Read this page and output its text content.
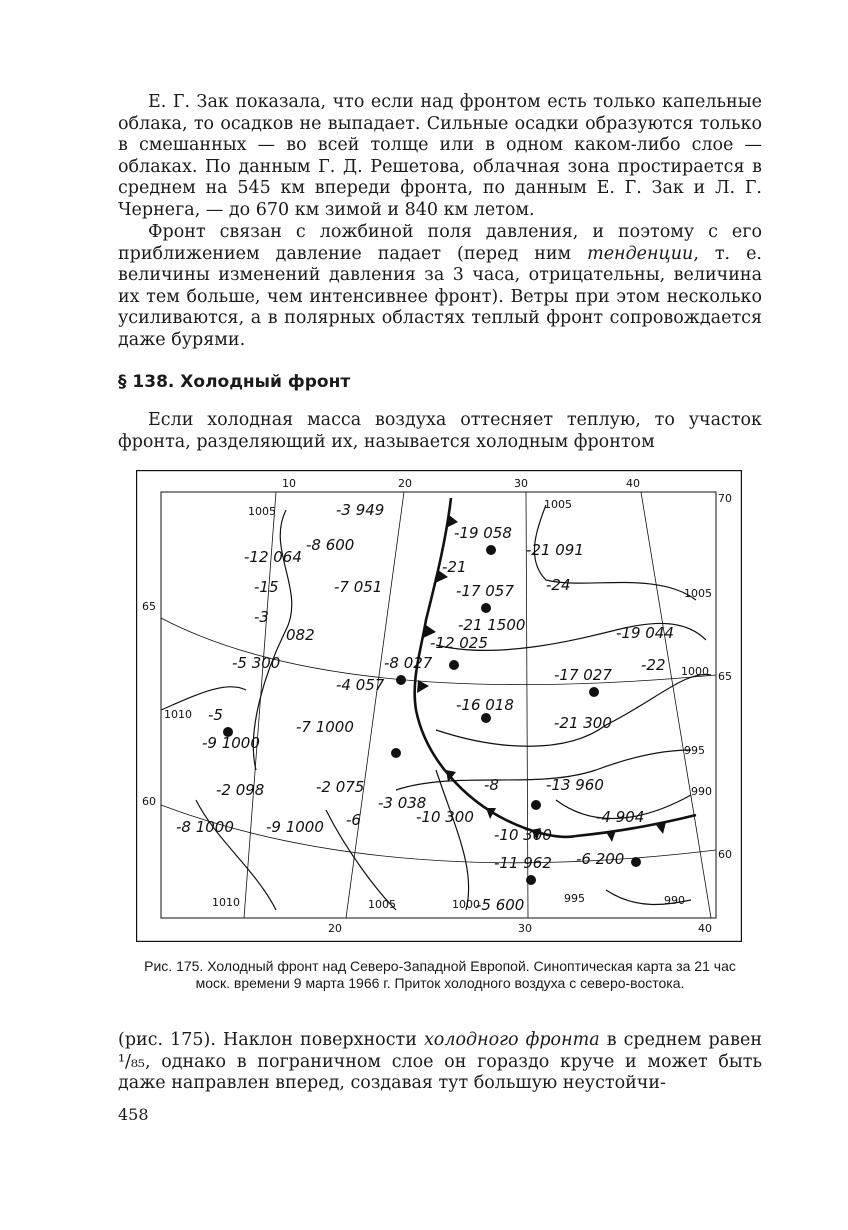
Е. Г. Зак показала, что если над фронтом есть только капельные облака, то осадков не выпадает. Сильные осадки образуются только в смешанных — во всей толще или в одном каком-либо слое — облаках. По данным Г. Д. Решетова, облачная зона простирается в среднем на 545 км впереди фронта, по данным Е. Г. Зак и Л. Г. Чернега, — до 670 км зимой и 840 км летом.

Фронт связан с ложбиной поля давления, и поэтому с его приближением давление падает (перед ним тенденции, т. е. величины изменений давления за 3 часа, отрицательны, величина их тем больше, чем интенсивнее фронт). Ветры при этом несколько усиливаются, а в полярных областях теплый фронт сопровождается даже бурями.

§ 138. Холодный фронт

Если холодная масса воздуха оттесняет теплую, то участок фронта, разделяющий их, называется холодным фронтом

10	20	30	40
20	30	40
65
60
70
65
60
1005
1005
1005
1000
995
990
990
1010
1010	1005	1000	995
-3 949
-12 064
-8 600
-15	-7 051
-3
-5 300
082
-19 058
-21
-17 057
-21 1500
-12 025
-8 027
-21 091
-24
-19 044
-17 027
-22
-4 057
-7 1000
-16 018
-21 300
-9 1000
-5
-2 098
-8 1000 -9 1000
-3 038
-10 300
-8	-13 960
-10 300
-11 962 -6 200
-4 904
-5 600
-2 075
-6

Рис. 175. Холодный фронт над Северо-Западной Европой. Синоптическая карта за 21 час моск. времени 9 марта 1966 г. Приток холодного воздуха с северо-востока.

(рис. 175). Наклон поверхности холодного фронта в среднем равен ¹/₈₅, однако в пограничном слое он гораздо круче и может быть даже направлен вперед, создавая тут большую неустойчи-

458
